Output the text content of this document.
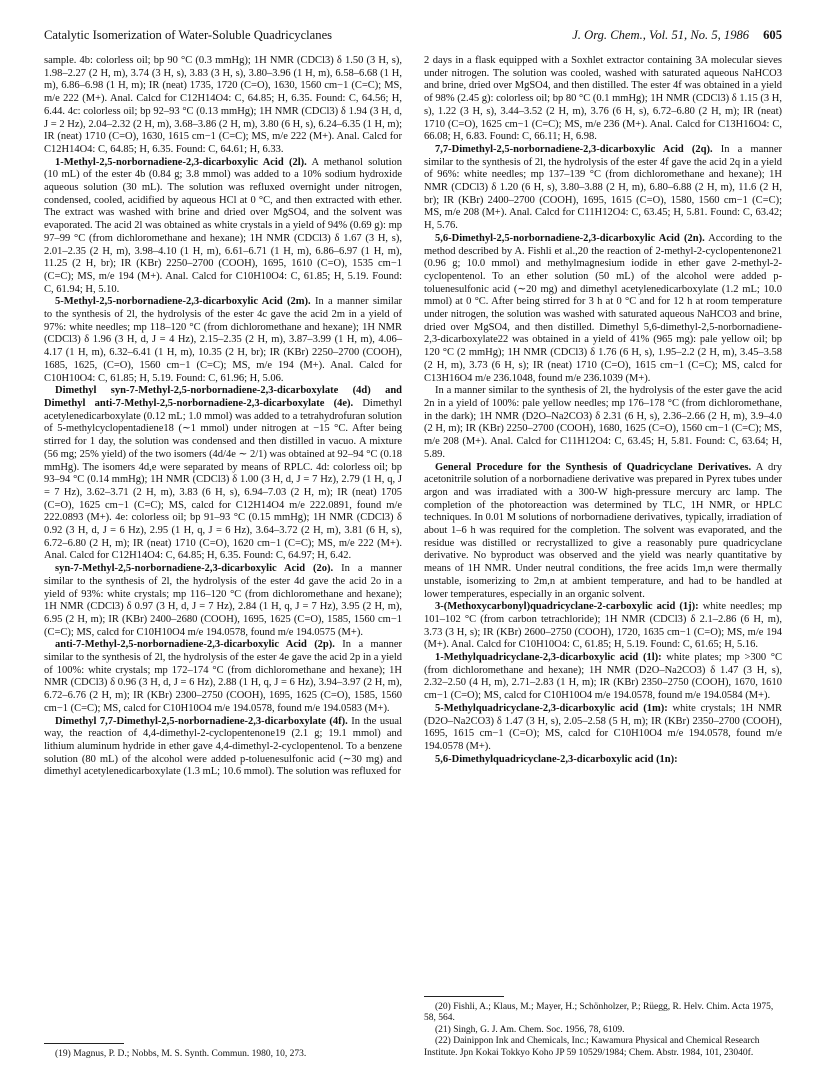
Catalytic Isomerization of Water-Soluble Quadricyclanes	J. Org. Chem., Vol. 51, No. 5, 1986 605

sample. 4b: colorless oil; bp 90 °C (0.3 mmHg); 1H NMR (CDCl3) δ 1.50 (3 H, s), 1.98–2.27 (2 H, m), 3.74 (3 H, s), 3.83 (3 H, s), 3.80–3.96 (1 H, m), 6.58–6.68 (1 H, m), 6.86–6.98 (1 H, m); IR (neat) 1735, 1720 (C=O), 1630, 1560 cm−1 (C=C); MS, m/e 222 (M+). Anal. Calcd for C12H14O4: C, 64.85; H, 6.35. Found: C, 64.56; H, 6.44. 4c: colorless oil; bp 92–93 °C (0.13 mmHg); 1H NMR (CDCl3) δ 1.94 (3 H, d, J = 2 Hz), 2.04–2.32 (2 H, m), 3.68–3.86 (2 H, m), 3.80 (6 H, s), 6.24–6.35 (1 H, m); IR (neat) 1710 (C=O), 1630, 1615 cm−1 (C=C); MS, m/e 222 (M+). Anal. Calcd for C12H14O4: C, 64.85; H, 6.35. Found: C, 64.61; H, 6.33.

1-Methyl-2,5-norbornadiene-2,3-dicarboxylic Acid (2l). A methanol solution (10 mL) of the ester 4b (0.84 g; 3.8 mmol) was added to a 10% sodium hydroxide aqueous solution (30 mL). The solution was refluxed overnight under nitrogen, condensed, cooled, acidified by aqueous HCl at 0 °C, and then extracted with ether. The extract was washed with brine and dried over MgSO4, and the solvent was evaporated. The acid 2l was obtained as white crystals in a yield of 94% (0.69 g): mp 97–99 °C (from dichloromethane and hexane); 1H NMR (CDCl3) δ 1.67 (3 H, s), 2.01–2.35 (2 H, m), 3.98–4.10 (1 H, m), 6.61–6.71 (1 H, m), 6.86–6.97 (1 H, m), 11.25 (2 H, br); IR (KBr) 2250–2700 (COOH), 1695, 1610 (C=O), 1535 cm−1 (C=C); MS, m/e 194 (M+). Anal. Calcd for C10H10O4: C, 61.85; H, 5.19. Found: C, 61.94; H, 5.10.

5-Methyl-2,5-norbornadiene-2,3-dicarboxylic Acid (2m). In a manner similar to the synthesis of 2l, the hydrolysis of the ester 4c gave the acid 2m in a yield of 97%: white needles; mp 118–120 °C (from dichloromethane and hexane); 1H NMR (CDCl3) δ 1.96 (3 H, d, J = 4 Hz), 2.15–2.35 (2 H, m), 3.87–3.99 (1 H, m), 4.06–4.17 (1 H, m), 6.32–6.41 (1 H, m), 10.35 (2 H, br); IR (KBr) 2250–2700 (COOH), 1685, 1625, (C=O), 1560 cm−1 (C=C); MS, m/e 194 (M+). Anal. Calcd for C10H10O4: C, 61.85; H, 5.19. Found: C, 61.96; H, 5.06.

Dimethyl syn-7-Methyl-2,5-norbornadiene-2,3-dicarboxylate (4d) and Dimethyl anti-7-Methyl-2,5-norbornadiene-2,3-dicarboxylate (4e). Dimethyl acetylenedicarboxylate (0.12 mL; 1.0 mmol) was added to a tetrahydrofuran solution of 5-methylcyclopentadiene18 (∼1 mmol) under nitrogen at −15 °C. After being stirred for 1 day, the solution was condensed and then distilled in vacuo. A mixture (56 mg; 25% yield) of the two isomers (4d/4e ∼ 2/1) was obtained at 92–94 °C (0.18 mmHg). The isomers 4d,e were separated by means of RPLC. 4d: colorless oil; bp 93–94 °C (0.14 mmHg); 1H NMR (CDCl3) δ 1.00 (3 H, d, J = 7 Hz), 2.79 (1 H, q, J = 7 Hz), 3.62–3.71 (2 H, m), 3.83 (6 H, s), 6.94–7.03 (2 H, m); IR (neat) 1705 (C=O), 1625 cm−1 (C=C); MS, calcd for C12H14O4 m/e 222.0891, found m/e 222.0893 (M+). 4e: colorless oil; bp 91–93 °C (0.15 mmHg); 1H NMR (CDCl3) δ 0.92 (3 H, d, J = 6 Hz), 2.95 (1 H, q, J = 6 Hz), 3.64–3.72 (2 H, m), 3.81 (6 H, s), 6.72–6.80 (2 H, m); IR (neat) 1710 (C=O), 1620 cm−1 (C=C); MS, m/e 222 (M+). Anal. Calcd for C12H14O4: C, 64.85; H, 6.35. Found: C, 64.97; H, 6.42.

syn-7-Methyl-2,5-norbornadiene-2,3-dicarboxylic Acid (2o). In a manner similar to the synthesis of 2l, the hydrolysis of the ester 4d gave the acid 2o in a yield of 93%: white crystals; mp 116–120 °C (from dichloromethane and hexane); 1H NMR (CDCl3) δ 0.97 (3 H, d, J = 7 Hz), 2.84 (1 H, q, J = 7 Hz), 3.95 (2 H, m), 6.95 (2 H, m); IR (KBr) 2400–2680 (COOH), 1695, 1625 (C=O), 1585, 1560 cm−1 (C=C); MS, calcd for C10H10O4 m/e 194.0578, found m/e 194.0575 (M+).

anti-7-Methyl-2,5-norbornadiene-2,3-dicarboxylic Acid (2p). In a manner similar to the synthesis of 2l, the hydrolysis of the ester 4e gave the acid 2p in a yield of 100%: white crystals; mp 172–174 °C (from dichloromethane and hexane); 1H NMR (CDCl3) δ 0.96 (3 H, d, J = 6 Hz), 2.88 (1 H, q, J = 6 Hz), 3.94–3.97 (2 H, m), 6.72–6.76 (2 H, m); IR (KBr) 2300–2750 (COOH), 1695, 1625 (C=O), 1585, 1560 cm−1 (C=C); MS, calcd for C10H10O4 m/e 194.0578, found m/e 194.0583 (M+).

Dimethyl 7,7-Dimethyl-2,5-norbornadiene-2,3-dicarboxylate (4f). In the usual way, the reaction of 4,4-dimethyl-2-cyclopentenone19 (2.1 g; 19.1 mmol) and lithium aluminum hydride in ether gave 4,4-dimethyl-2-cyclopentenol. To a benzene solution (80 mL) of the alcohol were added p-toluenesulfonic acid (∼30 mg) and dimethyl acetylenedicarboxylate (1.3 mL; 10.6 mmol). The solution was refluxed for

(19) Magnus, P. D.; Nobbs, M. S. Synth. Commun. 1980, 10, 273.

2 days in a flask equipped with a Soxhlet extractor containing 3A molecular sieves under nitrogen. The solution was cooled, washed with saturated aqueous NaHCO3 and brine, dried over MgSO4, and then distilled. The ester 4f was obtained in a yield of 98% (2.45 g): colorless oil; bp 80 °C (0.1 mmHg); 1H NMR (CDCl3) δ 1.15 (3 H, s), 1.22 (3 H, s), 3.44–3.52 (2 H, m), 3.76 (6 H, s), 6.72–6.80 (2 H, m); IR (neat) 1710 (C=O), 1625 cm−1 (C=C); MS, m/e 236 (M+). Anal. Calcd for C13H16O4: C, 66.08; H, 6.83. Found: C, 66.11; H, 6.98.

7,7-Dimethyl-2,5-norbornadiene-2,3-dicarboxylic Acid (2q). In a manner similar to the synthesis of 2l, the hydrolysis of the ester 4f gave the acid 2q in a yield of 96%: white needles; mp 137–139 °C (from dichloromethane and hexane); 1H NMR (CDCl3) δ 1.20 (6 H, s), 3.80–3.88 (2 H, m), 6.80–6.88 (2 H, m), 11.6 (2 H, br); IR (KBr) 2400–2700 (COOH), 1695, 1615 (C=O), 1580, 1560 cm−1 (C=C); MS, m/e 208 (M+). Anal. Calcd for C11H12O4: C, 63.45; H, 5.81. Found: C, 63.42; H, 5.76.

5,6-Dimethyl-2,5-norbornadiene-2,3-dicarboxylic Acid (2n). According to the method described by A. Fishli et al.,20 the reaction of 2-methyl-2-cyclopentenone21 (0.96 g; 10.0 mmol) and methylmagnesium iodide in ether gave 2-methyl-2-cyclopentenol. To an ether solution (50 mL) of the alcohol were added p-toluenesulfonic acid (∼20 mg) and dimethyl acetylenedicarboxylate (1.2 mL; 10.0 mmol) at 0 °C. After being stirred for 3 h at 0 °C and for 12 h at room temperature under nitrogen, the solution was washed with saturated aqueous NaHCO3 and brine, dried over MgSO4, and then distilled. Dimethyl 5,6-dimethyl-2,5-norbornadiene-2,3-dicarboxylate22 was obtained in a yield of 41% (965 mg): pale yellow oil; bp 120 °C (2 mmHg); 1H NMR (CDCl3) δ 1.76 (6 H, s), 1.95–2.2 (2 H, m), 3.45–3.58 (2 H, m), 3.73 (6 H, s); IR (neat) 1710 (C=O), 1615 cm−1 (C=C); MS, calcd for C13H16O4 m/e 236.1048, found m/e 236.1039 (M+).

In a manner similar to the synthesis of 2l, the hydrolysis of the ester gave the acid 2n in a yield of 100%: pale yellow needles; mp 176–178 °C (from dichloromethane, in the dark); 1H NMR (D2O–Na2CO3) δ 2.31 (6 H, s), 2.36–2.66 (2 H, m), 3.9–4.0 (2 H, m); IR (KBr) 2250–2700 (COOH), 1680, 1625 (C=O), 1560 cm−1 (C=C); MS, m/e 208 (M+). Anal. Calcd for C11H12O4: C, 63.45; H, 5.81. Found: C, 63.64; H, 5.89.

General Procedure for the Synthesis of Quadricyclane Derivatives. A dry acetonitrile solution of a norbornadiene derivative was prepared in Pyrex tubes under argon and was irradiated with a 300-W high-pressure mercury arc lamp. The completion of the photoreaction was determined by TLC, 1H NMR, or HPLC techniques. In 0.01 M solutions of norbornadiene derivatives, typically, irradiation of about 1–6 h was required for the completion. The solvent was evaporated, and the residue was distilled or recrystallized to give a reasonably pure quadricyclane derivative. No byproduct was observed and the yield was nearly quantitative by means of 1H NMR. Under neutral conditions, the free acids 1m,n were thermally unstable, isomerizing to 2m,n at ambient temperature, and had to be handled at lower temperatures, especially in an organic solvent.

3-(Methoxycarbonyl)quadricyclane-2-carboxylic acid (1j): white needles; mp 101–102 °C (from carbon tetrachloride); 1H NMR (CDCl3) δ 2.1–2.86 (6 H, m), 3.73 (3 H, s); IR (KBr) 2600–2750 (COOH), 1720, 1635 cm−1 (C=O); MS, m/e 194 (M+). Anal. Calcd for C10H10O4: C, 61.85; H, 5.19. Found: C, 61.65; H, 5.16.

1-Methylquadricyclane-2,3-dicarboxylic acid (1l): white plates; mp >300 °C (from dichloromethane and hexane); 1H NMR (D2O–Na2CO3) δ 1.47 (3 H, s), 2.32–2.50 (4 H, m), 2.71–2.83 (1 H, m); IR (KBr) 2350–2750 (COOH), 1670, 1610 cm−1 (C=O); MS, calcd for C10H10O4 m/e 194.0578, found m/e 194.0584 (M+).

5-Methylquadricyclane-2,3-dicarboxylic acid (1m): white crystals; 1H NMR (D2O–Na2CO3) δ 1.47 (3 H, s), 2.05–2.58 (5 H, m); IR (KBr) 2350–2700 (COOH), 1695, 1615 cm−1 (C=O); MS, calcd for C10H10O4 m/e 194.0578, found m/e 194.0578 (M+).

5,6-Dimethylquadricyclane-2,3-dicarboxylic acid (1n):

(20) Fishli, A.; Klaus, M.; Mayer, H.; Schönholzer, P.; Rüegg, R. Helv. Chim. Acta 1975, 58, 564.
(21) Singh, G. J. Am. Chem. Soc. 1956, 78, 6109.
(22) Dainippon Ink and Chemicals, Inc.; Kawamura Physical and Chemical Research Institute. Jpn Kokai Tokkyo Koho JP 59 10529/1984; Chem. Abstr. 1984, 101, 23040f.
